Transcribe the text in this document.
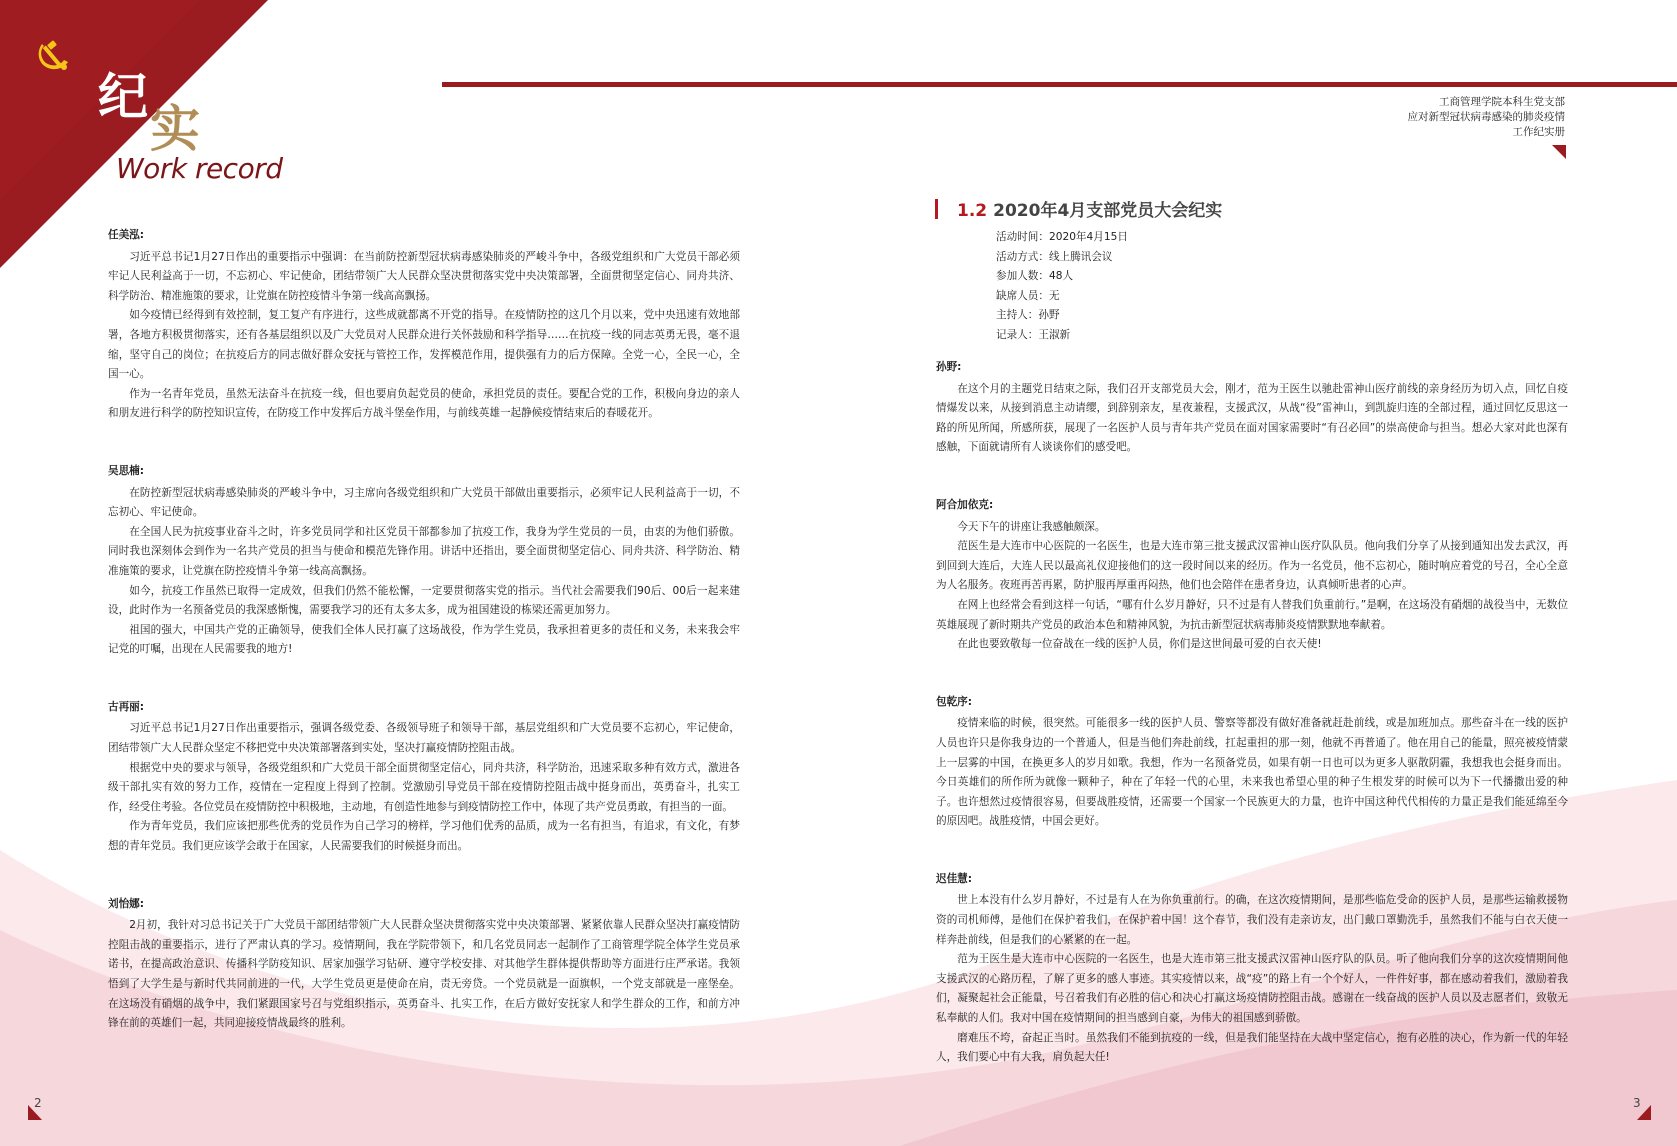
纪
实
Work record
工商管理学院本科生党支部
应对新型冠状病毒感染的肺炎疫情
工作纪实册
任美泓:

习近平总书记1月27日作出的重要指示中强调：在当前防控新型冠状病毒感染肺炎的严峻斗争中，各级党组织和广大党员干部必须牢记人民利益高于一切，不忘初心、牢记使命，团结带领广大人民群众坚决贯彻落实党中央决策部署，全面贯彻坚定信心、同舟共济、科学防治、精准施策的要求，让党旗在防控疫情斗争第一线高高飘扬。

如今疫情已经得到有效控制，复工复产有序进行，这些成就都离不开党的指导。在疫情防控的这几个月以来，党中央迅速有效地部署，各地方积极贯彻落实，还有各基层组织以及广大党员对人民群众进行关怀鼓励和科学指导……在抗疫一线的同志英勇无畏，毫不退缩，坚守自己的岗位；在抗疫后方的同志做好群众安抚与管控工作，发挥模范作用，提供强有力的后方保障。全党一心，全民一心，全国一心。

作为一名青年党员，虽然无法奋斗在抗疫一线，但也要肩负起党员的使命，承担党员的责任。要配合党的工作，积极向身边的亲人和朋友进行科学的防控知识宣传，在防疫工作中发挥后方战斗堡垒作用，与前线英雄一起静候疫情结束后的春暖花开。

吴思楠:

在防控新型冠状病毒感染肺炎的严峻斗争中，习主席向各级党组织和广大党员干部做出重要指示，必须牢记人民利益高于一切，不忘初心、牢记使命。

在全国人民为抗疫事业奋斗之时，许多党员同学和社区党员干部都参加了抗疫工作，我身为学生党员的一员，由衷的为他们骄傲。同时我也深刻体会到作为一名共产党员的担当与使命和模范先锋作用。讲话中还指出，要全面贯彻坚定信心、同舟共济、科学防治、精准施策的要求，让党旗在防控疫情斗争第一线高高飘扬。

如今，抗疫工作虽然已取得一定成效，但我们仍然不能松懈，一定要贯彻落实党的指示。当代社会需要我们90后、00后一起来建设，此时作为一名预备党员的我深感惭愧，需要我学习的还有太多太多，成为祖国建设的栋梁还需更加努力。

祖国的强大，中国共产党的正确领导，使我们全体人民打赢了这场战役，作为学生党员，我承担着更多的责任和义务，未来我会牢记党的叮嘱，出现在人民需要我的地方!

古再丽:

习近平总书记1月27日作出重要指示，强调各级党委、各级领导班子和领导干部，基层党组织和广大党员要不忘初心，牢记使命，团结带领广大人民群众坚定不移把党中央决策部署落到实处，坚决打赢疫情防控阻击战。

根据党中央的要求与领导，各级党组织和广大党员干部全面贯彻坚定信心，同舟共济，科学防治，迅速采取多种有效方式，激进各级干部扎实有效的努力工作，疫情在一定程度上得到了控制。党激励引导党员干部在疫情防控阻击战中挺身而出，英勇奋斗，扎实工作，经受住考验。各位党员在疫情防控中积极地，主动地，有创造性地参与到疫情防控工作中，体现了共产党员勇敢，有担当的一面。

作为青年党员，我们应该把那些优秀的党员作为自己学习的榜样，学习他们优秀的品质，成为一名有担当，有追求，有文化，有梦想的青年党员。我们更应该学会敢于在国家，人民需要我们的时候挺身而出。

刘怡娜:

2月初，我针对习总书记关于广大党员干部团结带领广大人民群众坚决贯彻落实党中央决策部署、紧紧依靠人民群众坚决打赢疫情防控阻击战的重要指示，进行了严肃认真的学习。疫情期间，我在学院带领下，和几名党员同志一起制作了工商管理学院全体学生党员承诺书，在提高政治意识、传播科学防疫知识、居家加强学习钻研、遵守学校安排、对其他学生群体提供帮助等方面进行庄严承诺。我领悟到了大学生是与新时代共同前进的一代，大学生党员更是使命在肩，责无旁贷。一个党员就是一面旗帜，一个党支部就是一座堡垒。在这场没有硝烟的战争中，我们紧跟国家号召与党组织指示，英勇奋斗、扎实工作，在后方做好安抚家人和学生群众的工作，和前方冲锋在前的英雄们一起，共同迎接疫情战最终的胜利。

1.2 2020年4月支部党员大会纪实
活动时间：2020年4月15日
活动方式：线上腾讯会议
参加人数：48人
缺席人员：无
主持人：孙野
记录人：王淑新
孙野:

在这个月的主题党日结束之际，我们召开支部党员大会，刚才，范为王医生以驰赴雷神山医疗前线的亲身经历为切入点，回忆自疫情爆发以来，从接到消息主动请缨，到辞别亲友，星夜兼程，支援武汉，从战“役”雷神山，到凯旋归连的全部过程，通过回忆反思这一路的所见所闻，所感所获，展现了一名医护人员与青年共产党员在面对国家需要时“有召必回”的崇高使命与担当。想必大家对此也深有感触，下面就请所有人谈谈你们的感受吧。

阿合加依克:

今天下午的讲座让我感触颇深。

范医生是大连市中心医院的一名医生，也是大连市第三批支援武汉雷神山医疗队队员。他向我们分享了从接到通知出发去武汉，再到回到大连后，大连人民以最高礼仪迎接他们的这一段时间以来的经历。作为一名党员，他不忘初心，随时响应着党的号召，全心全意为人名服务。夜班再苦再累，防护服再厚重再闷热，他们也会陪伴在患者身边，认真倾听患者的心声。

在网上也经常会看到这样一句话，“哪有什么岁月静好，只不过是有人替我们负重前行。”是啊，在这场没有硝烟的战役当中，无数位英雄展现了新时期共产党员的政治本色和精神风貌，为抗击新型冠状病毒肺炎疫情默默地奉献着。

在此也要致敬每一位奋战在一线的医护人员，你们是这世间最可爱的白衣天使!

包乾序:

疫情来临的时候，很突然。可能很多一线的医护人员、警察等都没有做好准备就赶赴前线，或是加班加点。那些奋斗在一线的医护人员也许只是你我身边的一个普通人，但是当他们奔赴前线，扛起重担的那一刻，他就不再普通了。他在用自己的能量，照亮被疫情蒙上一层雾的中国，在换更多人的岁月如歌。我想，作为一名预备党员，如果有朝一日也可以为更多人驱散阴霾，我想我也会挺身而出。今日英雄们的所作所为就像一颗种子，种在了年轻一代的心里，未来我也希望心里的种子生根发芽的时候可以为下一代播撒出爱的种子。也许想然过疫情很容易，但要战胜疫情，还需要一个国家一个民族更大的力量，也许中国这种代代相传的力量正是我们能延绵至今的原因吧。战胜疫情，中国会更好。

迟佳慧:

世上本没有什么岁月静好，不过是有人在为你负重前行。的确，在这次疫情期间，是那些临危受命的医护人员，是那些运输救援物资的司机师傅，是他们在保护着我们，在保护着中国！这个春节，我们没有走亲访友，出门戴口罩勤洗手，虽然我们不能与白衣天使一样奔赴前线，但是我们的心紧紧的在一起。

范为王医生是大连市中心医院的一名医生，也是大连市第三批支援武汉雷神山医疗队的队员。听了他向我们分享的这次疫情期间他支援武汉的心路历程，了解了更多的感人事迹。其实疫情以来，战“疫”的路上有一个个好人，一件件好事，都在感动着我们，激励着我们，凝聚起社会正能量，号召着我们有必胜的信心和决心打赢这场疫情防控阻击战。感谢在一线奋战的医护人员以及志愿者们，致敬无私奉献的人们。我对中国在疫情期间的担当感到自豪，为伟大的祖国感到骄傲。

磨难压不垮，奋起正当时。虽然我们不能到抗疫的一线，但是我们能坚持在大战中坚定信心，抱有必胜的决心，作为新一代的年轻人，我们要心中有大我，肩负起大任!

2	3
